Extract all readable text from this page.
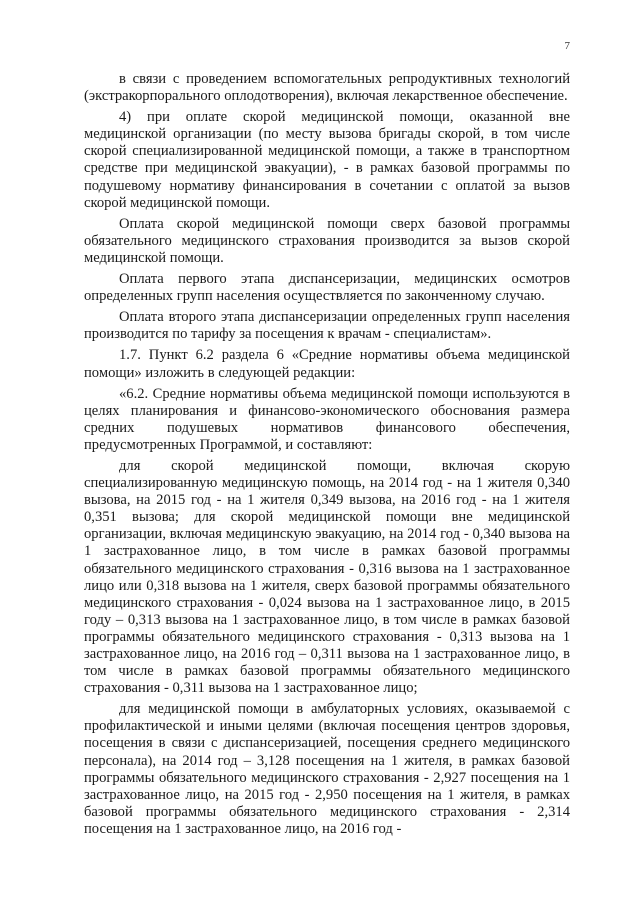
7

в связи с проведением вспомогательных репродуктивных технологий (экстракорпорального оплодотворения), включая лекарственное обеспечение.

4) при оплате скорой медицинской помощи, оказанной вне медицинской организации (по месту вызова бригады скорой, в том числе скорой специализированной медицинской помощи, а также в транспортном средстве при медицинской эвакуации), - в рамках базовой программы по подушевому нормативу финансирования в сочетании с оплатой за вызов скорой медицинской помощи.

Оплата скорой медицинской помощи сверх базовой программы обязательного медицинского страхования производится за вызов скорой медицинской помощи.

Оплата первого этапа диспансеризации, медицинских осмотров определенных групп населения осуществляется по законченному случаю.

Оплата второго этапа диспансеризации определенных групп населения производится по тарифу за посещения к врачам - специалистам».

1.7. Пункт 6.2 раздела 6 «Средние нормативы объема медицинской помощи» изложить в следующей редакции:

«6.2. Средние нормативы объема медицинской помощи используются в целях планирования и финансово-экономического обоснования размера средних подушевых нормативов финансового обеспечения, предусмотренных Программой, и составляют:

для скорой медицинской помощи, включая скорую специализированную медицинскую помощь, на 2014 год - на 1 жителя 0,340 вызова, на 2015 год - на 1 жителя 0,349 вызова, на 2016 год - на 1 жителя 0,351 вызова; для скорой медицинской помощи вне медицинской организации, включая медицинскую эвакуацию, на 2014 год - 0,340 вызова на 1 застрахованное лицо, в том числе в рамках базовой программы обязательного медицинского страхования - 0,316 вызова на 1 застрахованное лицо или 0,318 вызова на 1 жителя, сверх базовой программы обязательного медицинского страхования - 0,024 вызова на 1 застрахованное лицо, в 2015 году – 0,313 вызова на 1 застрахованное лицо, в том числе в рамках базовой программы обязательного медицинского страхования - 0,313 вызова на 1 застрахованное лицо, на 2016 год – 0,311 вызова на 1 застрахованное лицо, в том числе в рамках базовой программы обязательного медицинского страхования - 0,311 вызова на 1 застрахованное лицо;

для медицинской помощи в амбулаторных условиях, оказываемой с профилактической и иными целями (включая посещения центров здоровья, посещения в связи с диспансеризацией, посещения среднего медицинского персонала), на 2014 год – 3,128 посещения на 1 жителя, в рамках базовой программы обязательного медицинского страхования - 2,927 посещения на 1 застрахованное лицо, на 2015 год - 2,950 посещения на 1 жителя, в рамках базовой программы обязательного медицинского страхования - 2,314 посещения на 1 застрахованное лицо, на 2016 год -
